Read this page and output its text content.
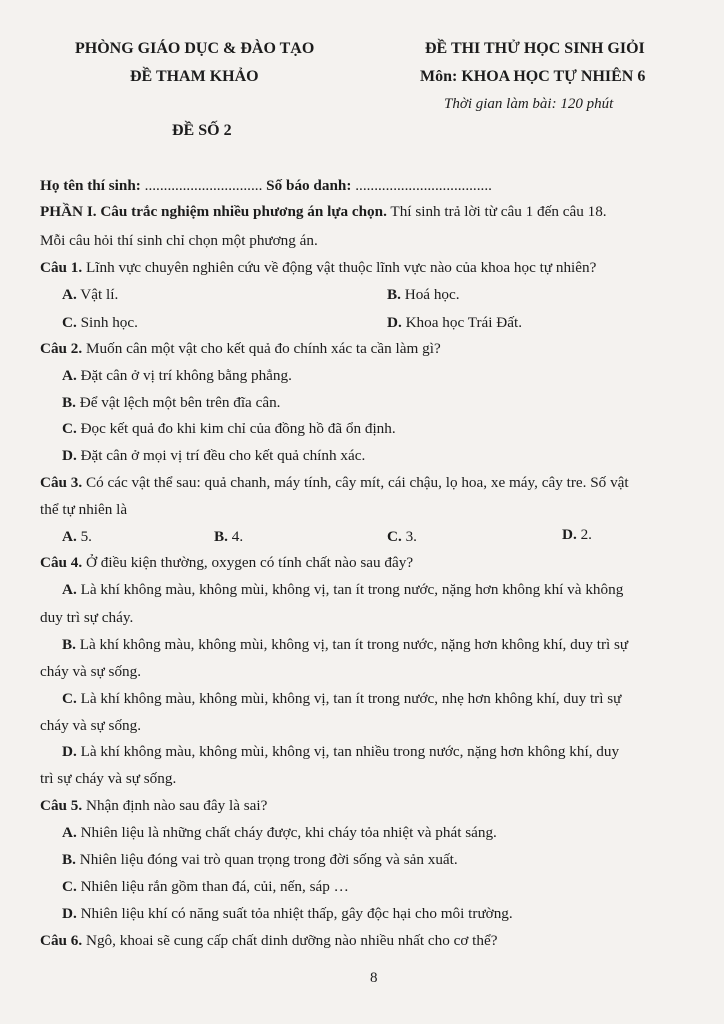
PHÒNG GIÁO DỤC & ĐÀO TẠO
ĐỀ THAM KHẢO
ĐỀ SỐ 2
ĐỀ THI THỬ HỌC SINH GIỎI
Môn: KHOA HỌC TỰ NHIÊN 6
Thời gian làm bài: 120 phút
Họ tên thí sinh: ............................... Số báo danh: ....................................
PHẦN I. Câu trắc nghiệm nhiều phương án lựa chọn. Thí sinh trả lời từ câu 1 đến câu 18.
Mỗi câu hỏi thí sinh chỉ chọn một phương án.
Câu 1. Lĩnh vực chuyên nghiên cứu về động vật thuộc lĩnh vực nào của khoa học tự nhiên?
A. Vật lí.	B. Hoá học.
C. Sinh học.	D. Khoa học Trái Đất.
Câu 2. Muốn cân một vật cho kết quả đo chính xác ta cần làm gì?
A. Đặt cân ở vị trí không bằng phẳng.
B. Để vật lệch một bên trên đĩa cân.
C. Đọc kết quả đo khi kim chỉ của đồng hồ đã ổn định.
D. Đặt cân ở mọi vị trí đều cho kết quả chính xác.
Câu 3. Có các vật thể sau: quả chanh, máy tính, cây mít, cái chậu, lọ hoa, xe máy, cây tre. Số vật
thể tự nhiên là
A. 5.	B. 4.	C. 3.	D. 2.
Câu 4. Ở điều kiện thường, oxygen có tính chất nào sau đây?
A. Là khí không màu, không mùi, không vị, tan ít trong nước, nặng hơn không khí và không
duy trì sự cháy.
B. Là khí không màu, không mùi, không vị, tan ít trong nước, nặng hơn không khí, duy trì sự
cháy và sự sống.
C. Là khí không màu, không mùi, không vị, tan ít trong nước, nhẹ hơn không khí, duy trì sự
cháy và sự sống.
D. Là khí không màu, không mùi, không vị, tan nhiều trong nước, nặng hơn không khí, duy
trì sự cháy và sự sống.
Câu 5. Nhận định nào sau đây là sai?
A. Nhiên liệu là những chất cháy được, khi cháy tỏa nhiệt và phát sáng.
B. Nhiên liệu đóng vai trò quan trọng trong đời sống và sản xuất.
C. Nhiên liệu rắn gồm than đá, củi, nến, sáp …
D. Nhiên liệu khí có năng suất tỏa nhiệt thấp, gây độc hại cho môi trường.
Câu 6. Ngô, khoai sẽ cung cấp chất dinh dưỡng nào nhiều nhất cho cơ thể?
8
